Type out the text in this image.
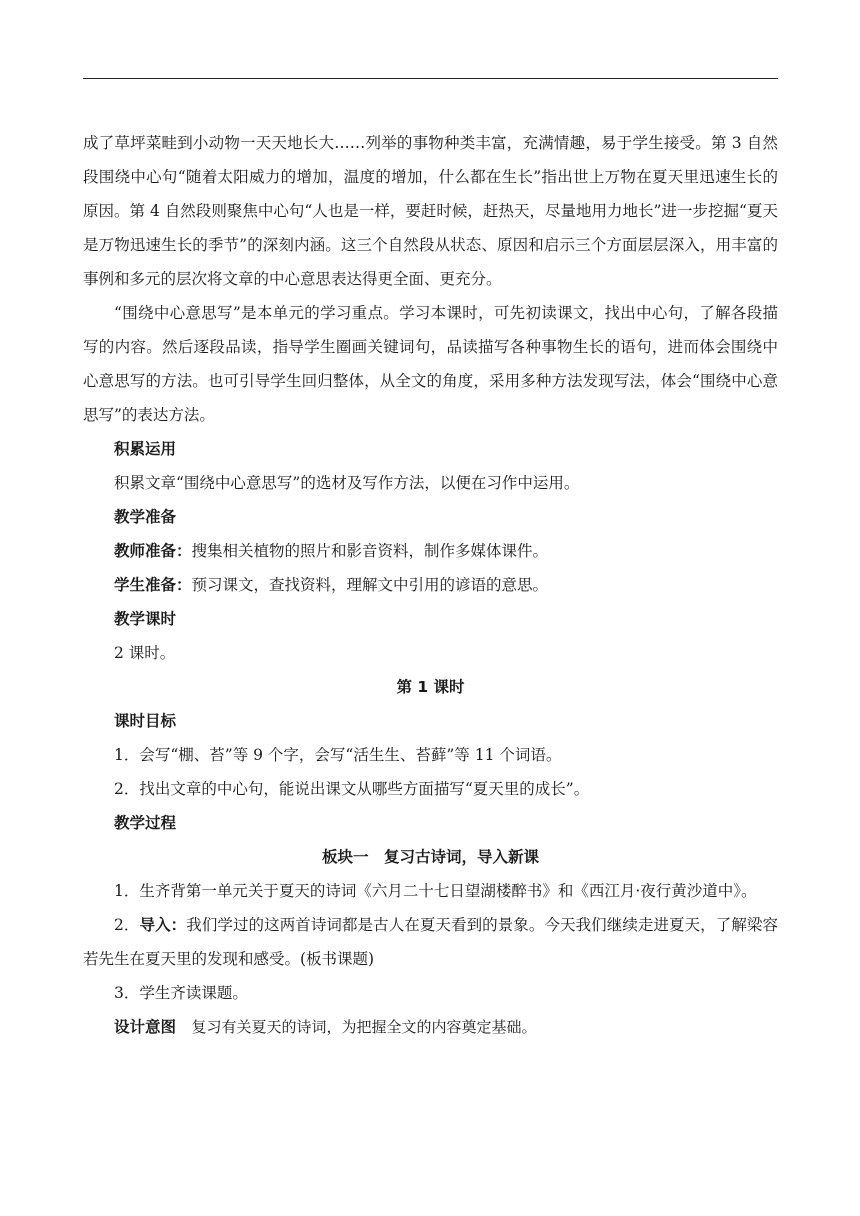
成了草坪菜畦到小动物一天天地长大……列举的事物种类丰富，充满情趣，易于学生接受。第 3 自然段围绕中心句“随着太阳威力的增加，温度的增加，什么都在生长”指出世上万物在夏天里迅速生长的原因。第 4 自然段则聚焦中心句“人也是一样，要赶时候，赶热天，尽量地用力地长”进一步挖掘“夏天是万物迅速生长的季节”的深刻内涵。这三个自然段从状态、原因和启示三个方面层层深入，用丰富的事例和多元的层次将文章的中心意思表达得更全面、更充分。

“围绕中心意思写”是本单元的学习重点。学习本课时，可先初读课文，找出中心句，了解各段描写的内容。然后逐段品读，指导学生圈画关键词句，品读描写各种事物生长的语句，进而体会围绕中心意思写的方法。也可引导学生回归整体，从全文的角度，采用多种方法发现写法，体会“围绕中心意思写”的表达方法。

积累运用

积累文章“围绕中心意思写”的选材及写作方法，以便在习作中运用。

教学准备

教师准备：搜集相关植物的照片和影音资料，制作多媒体课件。

学生准备：预习课文，查找资料，理解文中引用的谚语的意思。

教学课时

2 课时。

第 1 课时

课时目标

1．会写“棚、苔”等 9 个字，会写“活生生、苔藓”等 11 个词语。

2．找出文章的中心句，能说出课文从哪些方面描写“夏天里的成长”。

教学过程

板块一 复习古诗词，导入新课

1．生齐背第一单元关于夏天的诗词《六月二十七日望湖楼醉书》和《西江月·夜行黄沙道中》。

2．导入：我们学过的这两首诗词都是古人在夏天看到的景象。今天我们继续走进夏天，了解梁容若先生在夏天里的发现和感受。(板书课题)

3．学生齐读课题。

设计意图 复习有关夏天的诗词，为把握全文的内容奠定基础。
